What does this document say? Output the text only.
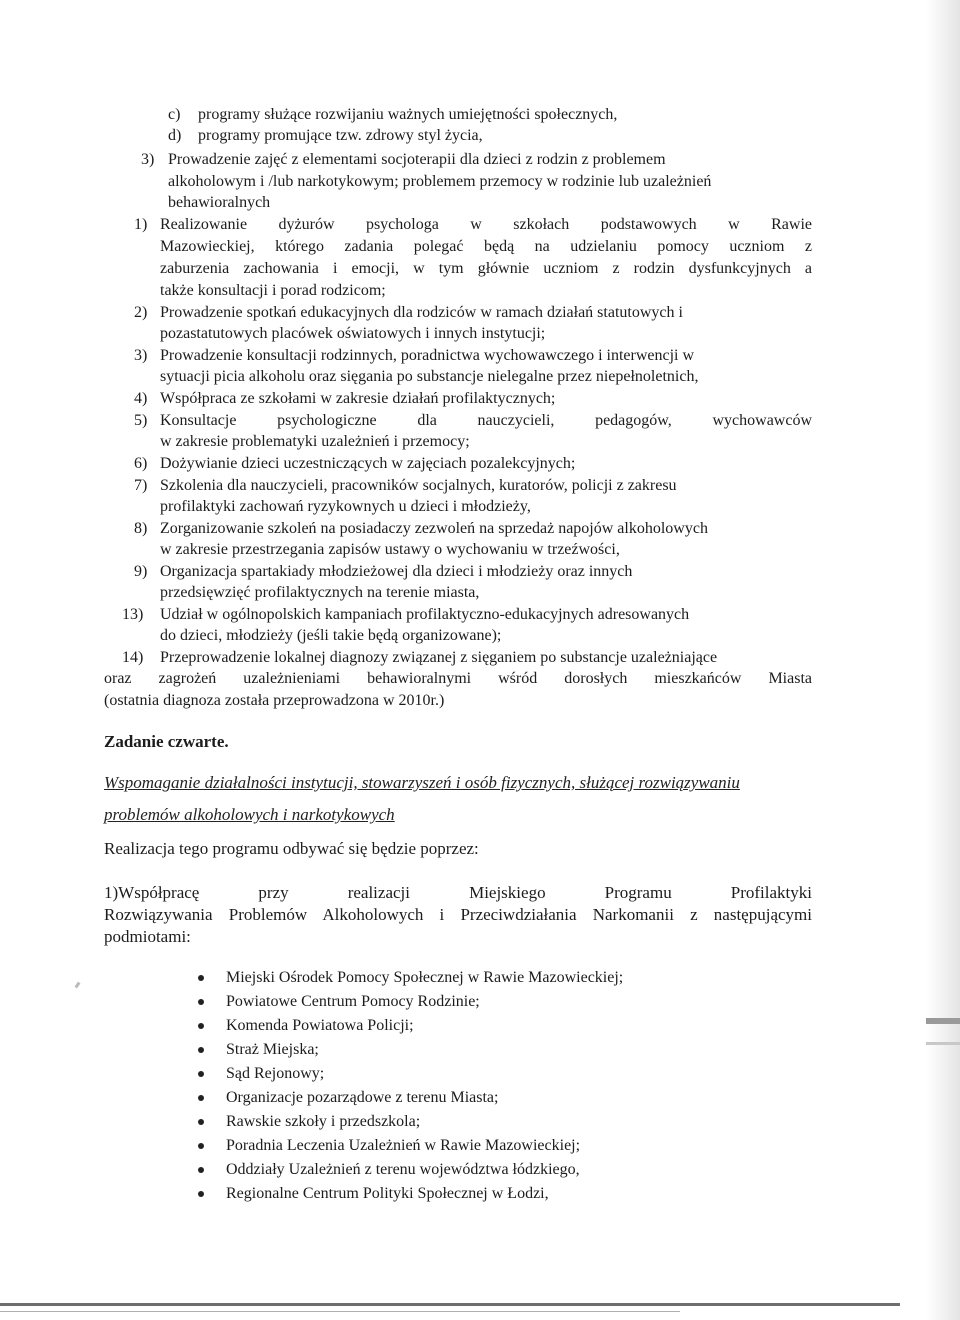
c) programy służące rozwijaniu ważnych umiejętności społecznych,
d) programy promujące tzw. zdrowy styl życia,
3) Prowadzenie zajęć z elementami socjoterapii dla dzieci z rodzin z problemem
alkoholowym i /lub narkotykowym; problemem przemocy w rodzinie lub uzależnień
behawioralnych
1) Realizowanie dyżurów psychologa w szkołach podstawowych w Rawie
Mazowieckiej, którego zadania polegać będą na udzielaniu pomocy uczniom z
zaburzenia zachowania i emocji, w tym głównie uczniom z rodzin dysfunkcyjnych a
także konsultacji i porad rodzicom;
2) Prowadzenie spotkań edukacyjnych dla rodziców w ramach działań statutowych i
pozastatutowych placówek oświatowych i innych instytucji;
3) Prowadzenie konsultacji rodzinnych, poradnictwa wychowawczego i interwencji w
sytuacji picia alkoholu oraz sięgania po substancje nielegalne przez niepełnoletnich,
4) Współpraca ze szkołami w zakresie działań profilaktycznych;
5) Konsultacje psychologiczne dla nauczycieli, pedagogów, wychowawców
w zakresie problematyki uzależnień i przemocy;
6) Dożywianie dzieci uczestniczących w zajęciach pozalekcyjnych;
7) Szkolenia dla nauczycieli, pracowników socjalnych, kuratorów, policji z zakresu
profilaktyki zachowań ryzykownych u dzieci i młodzieży,
8) Zorganizowanie szkoleń na posiadaczy zezwoleń na sprzedaż napojów alkoholowych
w zakresie przestrzegania zapisów ustawy o wychowaniu w trzeźwości,
9) Organizacja spartakiady młodzieżowej dla dzieci i młodzieży oraz innych
przedsięwzięć profilaktycznych na terenie miasta,
13) Udział w ogólnopolskich kampaniach profilaktyczno-edukacyjnych adresowanych
do dzieci, młodzieży (jeśli takie będą organizowane);
14) Przeprowadzenie lokalnej diagnozy związanej z sięganiem po substancje uzależniające
oraz zagrożeń uzależnieniami behawioralnymi wśród dorosłych mieszkańców Miasta
(ostatnia diagnoza została przeprowadzona w 2010r.)
Zadanie czwarte.
Wspomaganie działalności instytucji, stowarzyszeń i osób fizycznych, służącej rozwiązywaniu
problemów alkoholowych i narkotykowych
Realizacja tego programu odbywać się będzie poprzez:
1)Współpracę przy realizacji Miejskiego Programu Profilaktyki
Rozwiązywania Problemów Alkoholowych i Przeciwdziałania Narkomanii z następującymi
podmiotami:
Miejski Ośrodek Pomocy Społecznej w Rawie Mazowieckiej;
Powiatowe Centrum Pomocy Rodzinie;
Komenda Powiatowa Policji;
Straż Miejska;
Sąd Rejonowy;
Organizacje pozarządowe z terenu Miasta;
Rawskie szkoły i przedszkola;
Poradnia Leczenia Uzależnień w Rawie Mazowieckiej;
Oddziały Uzależnień z terenu województwa łódzkiego,
Regionalne Centrum Polityki Społecznej w Łodzi,
